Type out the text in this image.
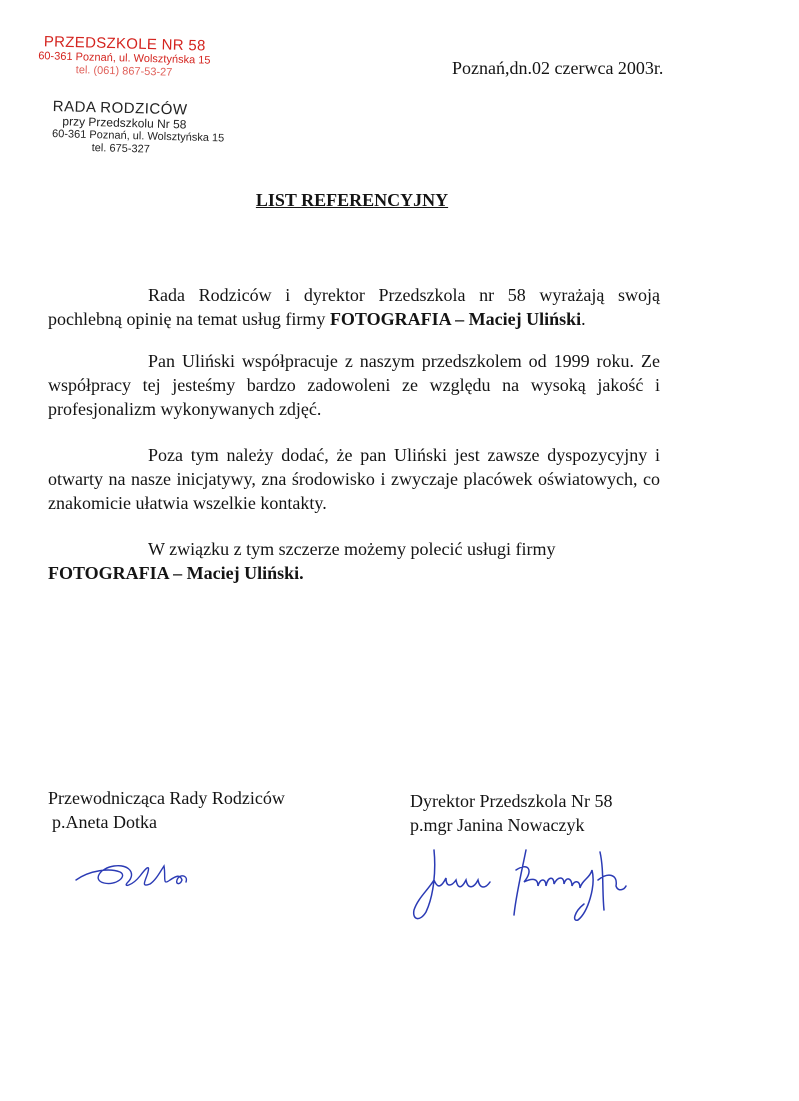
PRZEDSZKOLE NR 58
60-361 Poznań, ul. Wolsztyńska 15
tel. (061) 867-53-27
RADA RODZICÓW
przy Przedszkolu Nr 58
60-361 Poznań, ul. Wolsztyńska 15
tel. 675-327
Poznań,dn.02 czerwca 2003r.
LIST REFERENCYJNY
Rada Rodziców i dyrektor Przedszkola nr 58 wyrażają swoją pochlebną opinię na temat usług firmy FOTOGRAFIA – Maciej Uliński.
Pan Uliński współpracuje z naszym przedszkolem od 1999 roku. Ze współpracy tej jesteśmy bardzo zadowoleni ze względu na wysoką jakość i profesjonalizm wykonywanych zdjęć.
Poza tym należy dodać, że pan Uliński jest zawsze dyspozycyjny i otwarty na nasze inicjatywy, zna środowisko i zwyczaje placówek oświatowych, co znakomicie ułatwia wszelkie kontakty.
W związku z tym szczerze możemy polecić usługi firmy
FOTOGRAFIA – Maciej Uliński.
Przewodnicząca Rady Rodziców
p.Aneta Dotka
Dyrektor Przedszkola Nr 58
p.mgr Janina Nowaczyk
